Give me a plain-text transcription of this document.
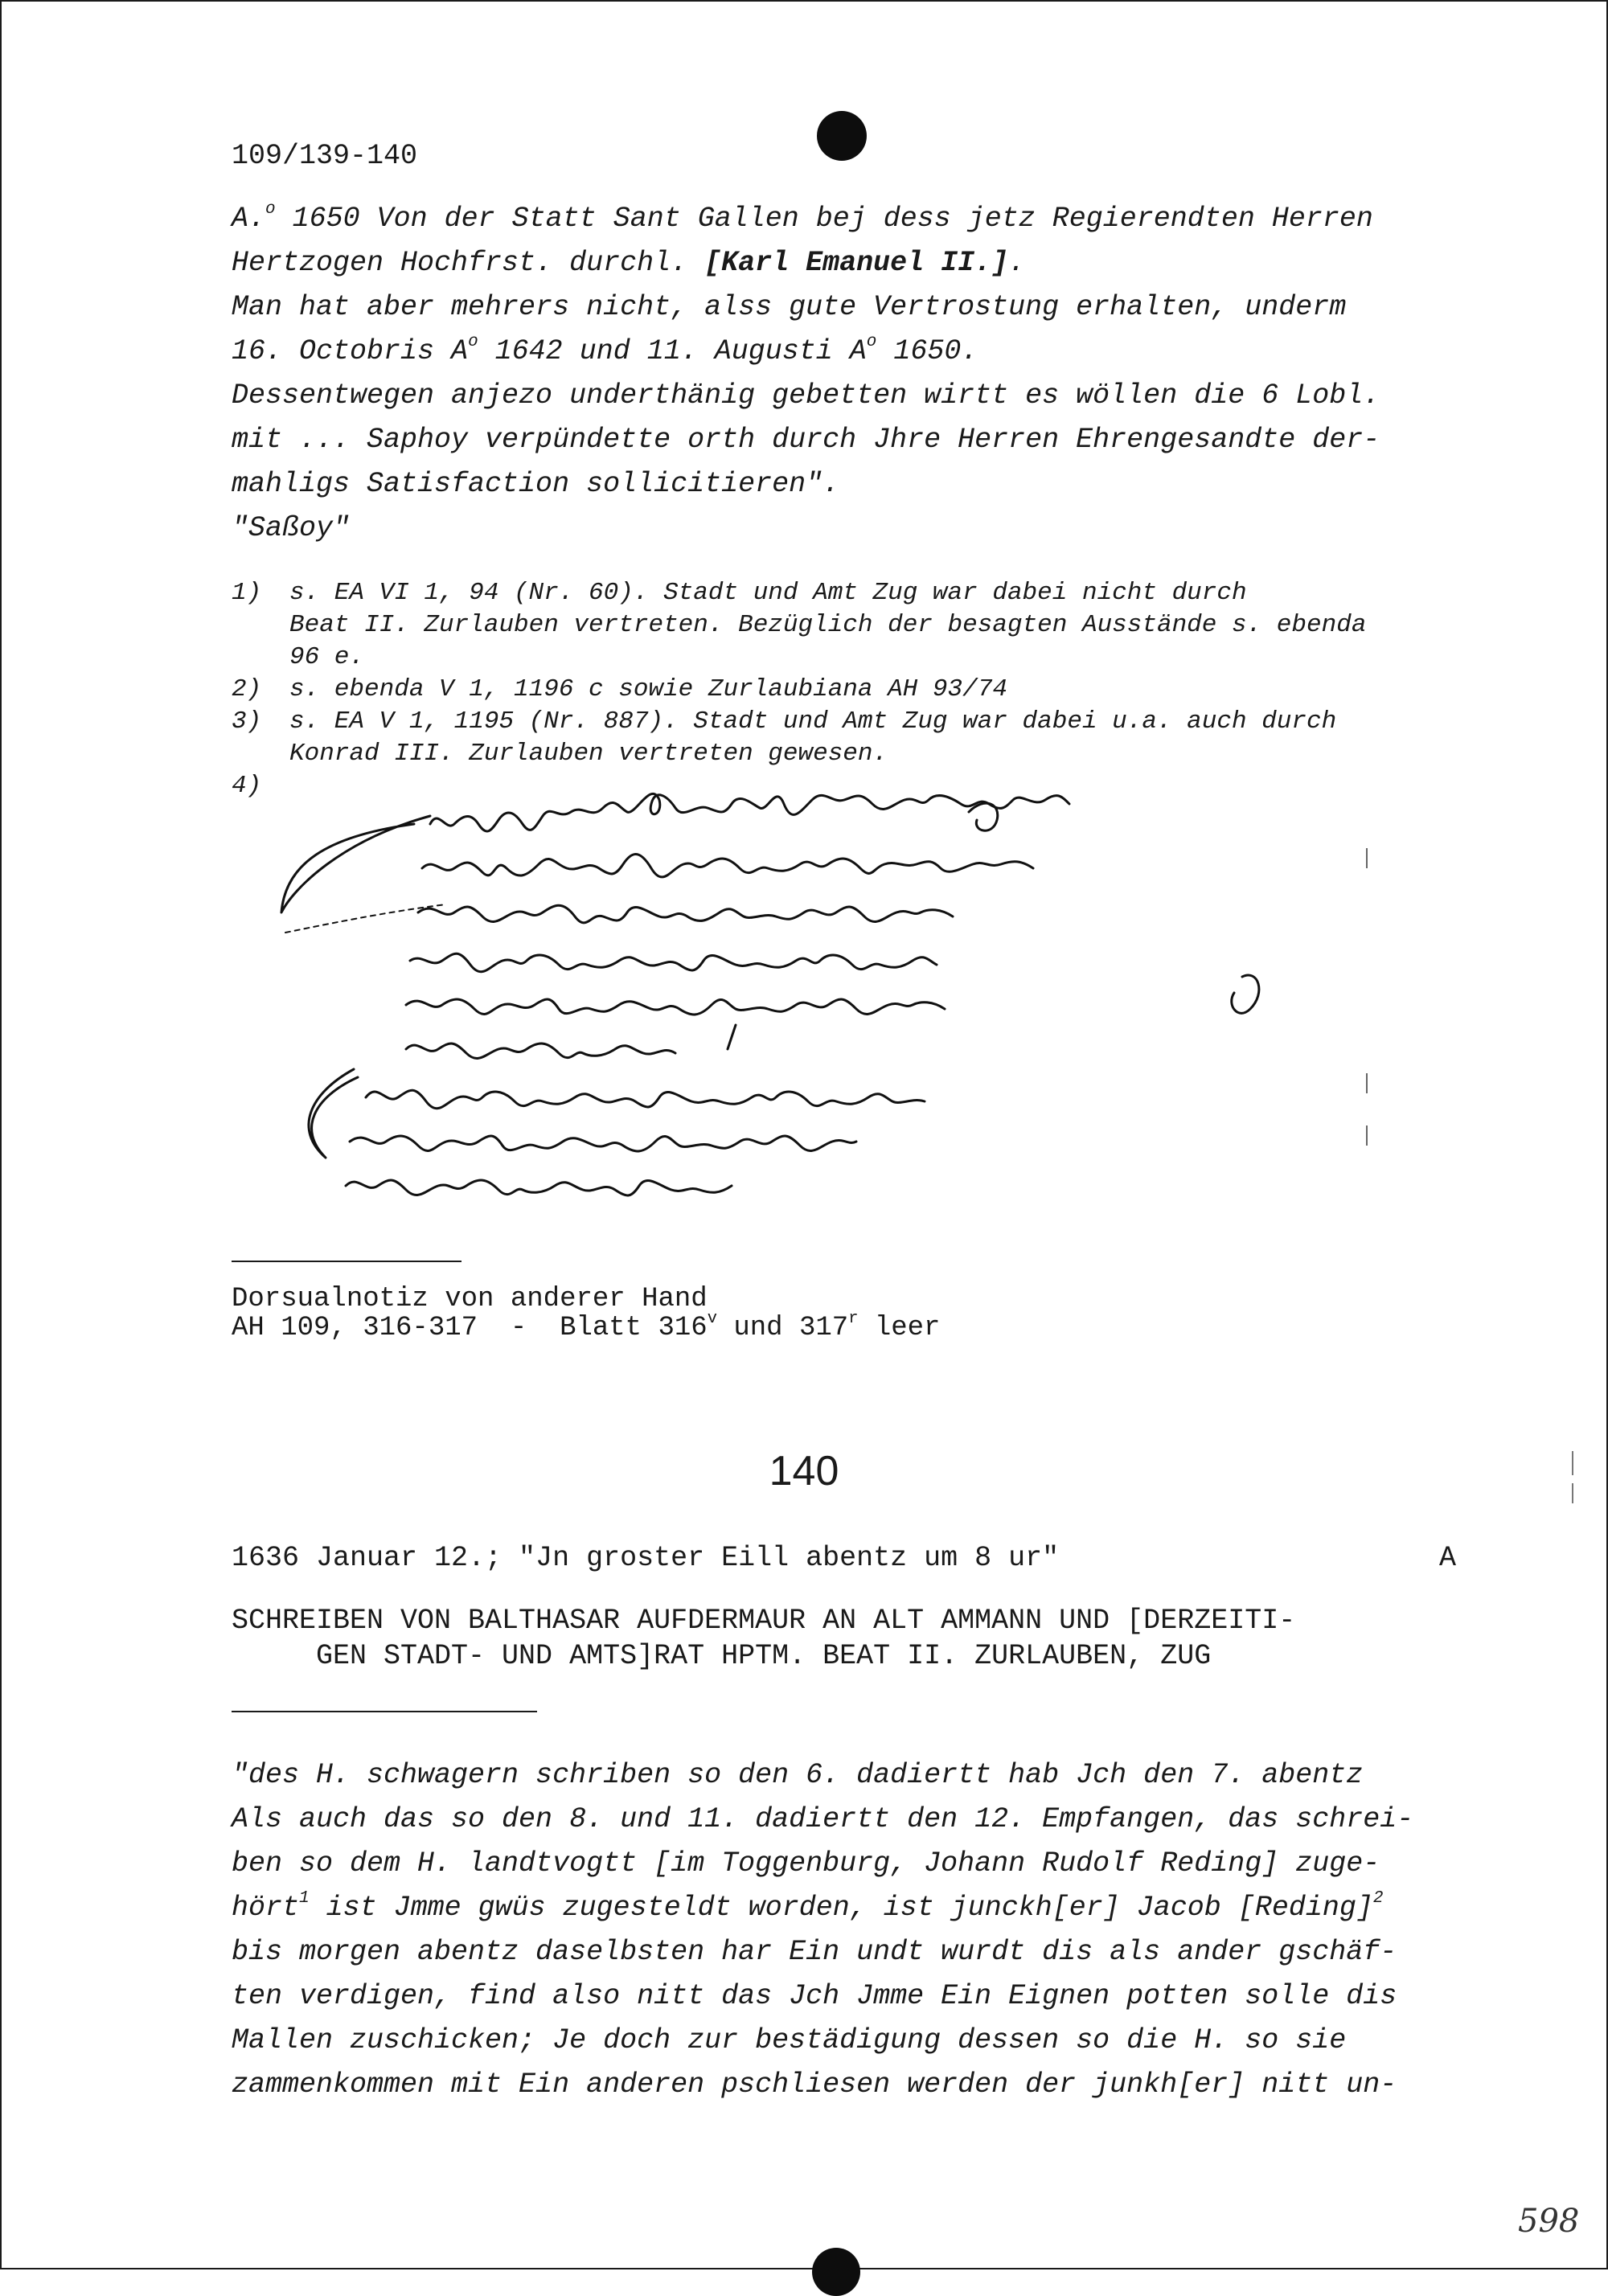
109/139-140
A.$^o$ 1650 Von der Statt Sant Gallen bej dess jetz Regierendten Herren
Hertzogen Hochfrst. durchl. [Karl Emanuel II.].
Man hat aber mehrers nicht, alss gute Vertrostung erhalten, underm
16. Octobris $A^o$ 1642 und 11. Augusti $A^o$ 1650.
Dessentwegen anjezo underthänig gebetten wirtt es wöllen die 6 Lobl.
mit ... Saphoy verpündette orth durch Jhre Herren Ehrengesandte der-
mahligs Satisfaction sollicitieren".
"Saßoy"
1) s. EA VI 1, 94 (Nr. 60). Stadt und Amt Zug war dabei nicht durch
Beat II. Zurlauben vertreten. Bezüglich der besagten Ausstände s. ebenda
96 e.
2) s. ebenda V 1, 1196 c sowie Zurlaubiana AH 93/74
3) s. EA V 1, 1195 (Nr. 887). Stadt und Amt Zug war dabei u.a. auch durch
Konrad III. Zurlauben vertreten gewesen.
4)
Dorsualnotiz von anderer Hand
AH 109, 316-317  -  Blatt 316$^v$ und 317$^r$ leer
140
1636 Januar 12.; "Jn groster Eill abentz um 8 ur"	A
SCHREIBEN VON BALTHASAR AUFDERMAUR AN ALT AMMANN UND [DERZEITI-
GEN STADT- UND AMTS]RAT HPTM. BEAT II. ZURLAUBEN, ZUG
"des H. schwagern schriben so den 6. dadiertt hab Jch den 7. abentz
Als auch das so den 8. und 11. dadiertt den 12. Empfangen, das schrei-
ben so dem H. landtvogtt [im Toggenburg, Johann Rudolf Reding] zuge-
hört$^1$ ist Jmme gwüs zugesteldt worden, ist junckh[er] Jacob [Reding]$^2$
bis morgen abentz daselbsten har Ein undt wurdt dis als ander gschäf-
ten verdigen, find also nitt das Jch Jmme Ein Eignen potten solle dis
Mallen zuschicken; Je doch zur bestädigung dessen so die H. so sie
zammenkommen mit Ein anderen pschliesen werden der junkh[er] nitt un-
598
